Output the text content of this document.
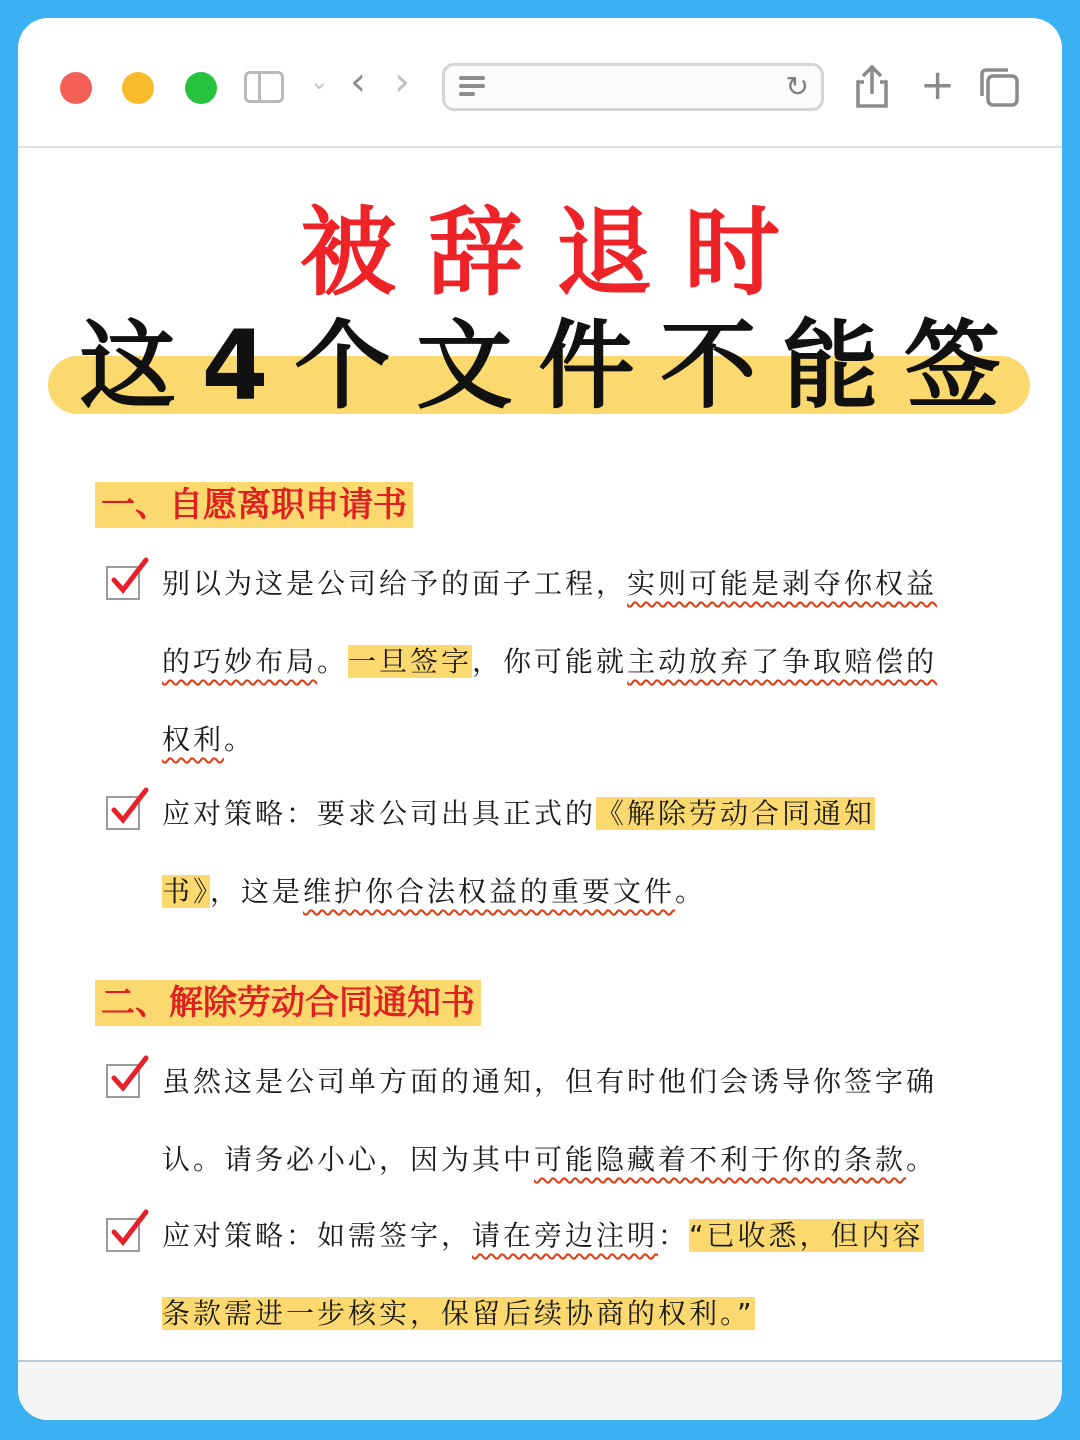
⌄ ‹ ›	↻	+
被辞退时
这4个文件不能签
一、自愿离职申请书
别以为这是公司给予的面子工程，实则可能是剥夺你权益
的巧妙布局。一旦签字，你可能就主动放弃了争取赔偿的
权利。
应对策略：要求公司出具正式的《解除劳动合同通知
书》，这是维护你合法权益的重要文件。
二、解除劳动合同通知书
虽然这是公司单方面的通知，但有时他们会诱导你签字确
认。请务必小心，因为其中可能隐藏着不利于你的条款。
应对策略：如需签字，请在旁边注明：“已收悉，但内容
条款需进一步核实，保留后续协商的权利。”
